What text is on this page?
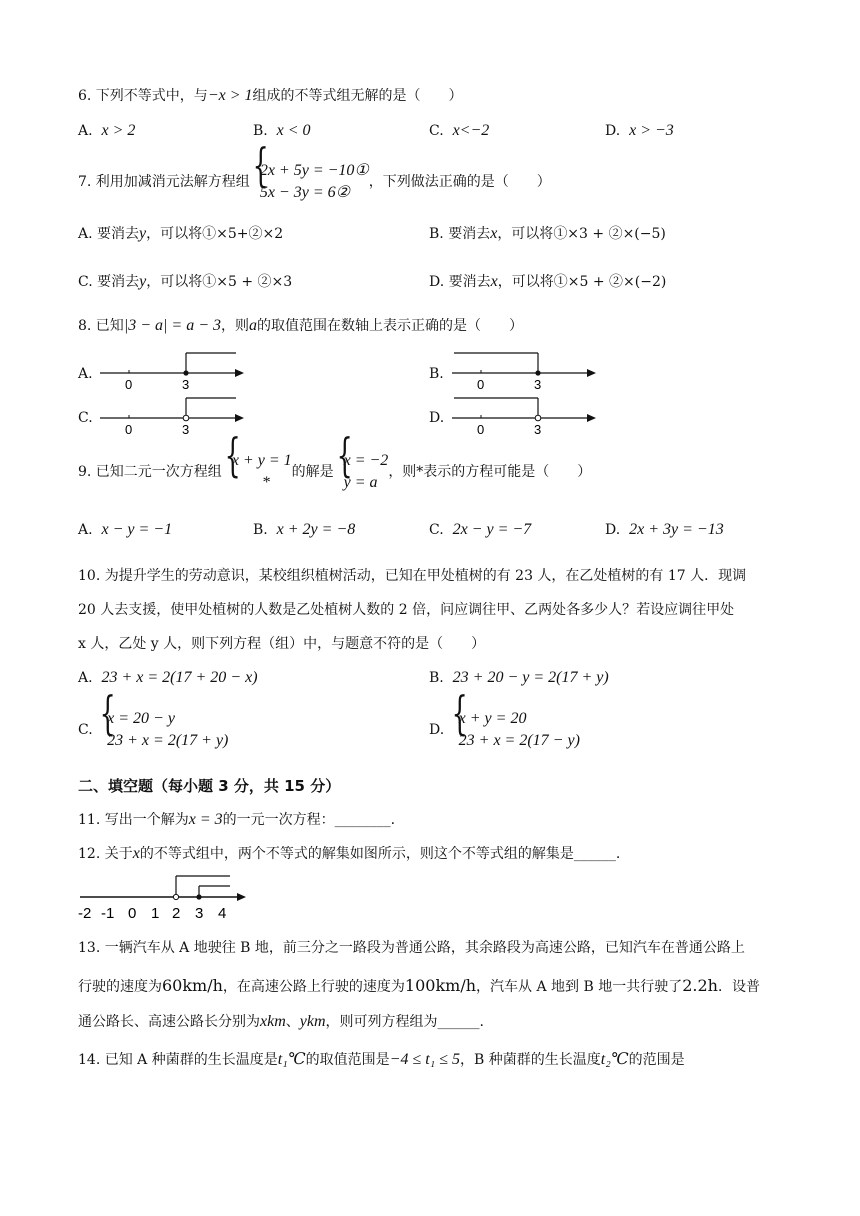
6. 下列不等式中，与−x > 1组成的不等式组无解的是（　　）
A. x > 2	B. x < 0	C. x<−2	D. x > −3
7. 利用加减消元法解方程组{ 2x + 5y = −10①
5x − 3y = 6②，下列做法正确的是（　　）
A. 要消去y，可以将①×5+②×2	B. 要消去x，可以将①×3 + ②×(−5)
C. 要消去y，可以将①×5 + ②×3	D. 要消去x，可以将①×5 + ②×(−2)
8. 已知|3 − a| = a − 3，则a的取值范围在数轴上表示正确的是（　　）
A.
0	3
B.
0	3
C.
0	3
D.
0	3
9. 已知二元一次方程组{ x + y = 1
*的解是{ x = −2
y = a，则*表示的方程可能是（　　）
A. x − y = −1	B. x + 2y = −8	C. 2x − y = −7	D. 2x + 3y = −13
10. 为提升学生的劳动意识，某校组织植树活动，已知在甲处植树的有 23 人，在乙处植树的有 17 人．现调
20 人去支援，使甲处植树的人数是乙处植树人数的 2 倍，问应调往甲、乙两处各多少人？若设应调往甲处
x 人，乙处 y 人，则下列方程（组）中，与题意不符的是（　　）
A. 23 + x = 2(17 + 20 − x)	B. 23 + 20 − y = 2(17 + y)
C. { x = 20 − y
23 + x = 2(17 + y)
D. { x + y = 20
23 + x = 2(17 − y)
二、填空题（每小题 3 分，共 15 分）
11. 写出一个解为x = 3的一元一次方程：________.
12. 关于x的不等式组中，两个不等式的解集如图所示，则这个不等式组的解集是______.
-2 -1 0 1 2 3 4
13. 一辆汽车从 A 地驶往 B 地，前三分之一路段为普通公路，其余路段为高速公路，已知汽车在普通公路上
行驶的速度为60km/h，在高速公路上行驶的速度为100km/h，汽车从 A 地到 B 地一共行驶了2.2h．设普
通公路长、高速公路长分别为xkm、ykm，则可列方程组为______.
14. 已知 A 种菌群的生长温度是t₁℃的取值范围是−4 ≤ t₁ ≤ 5，B 种菌群的生长温度t₂℃的范围是
